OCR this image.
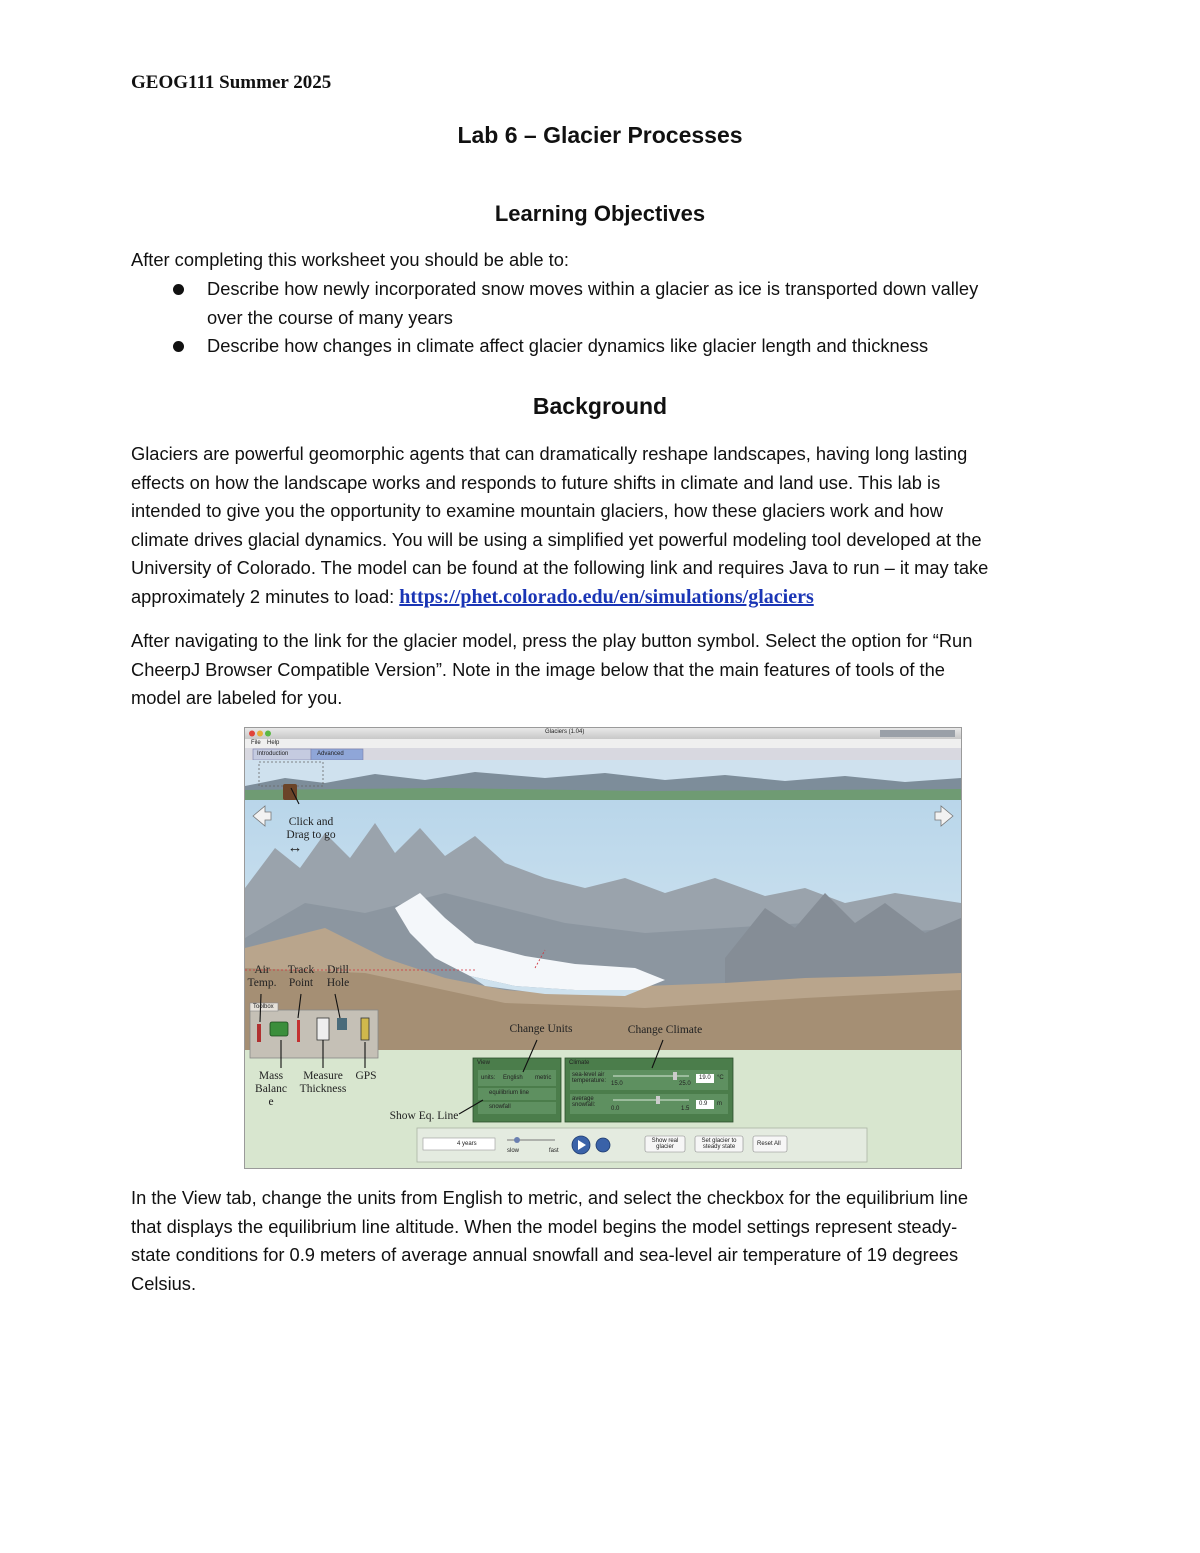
GEOG111 Summer 2025
Lab 6 – Glacier Processes
Learning Objectives
After completing this worksheet you should be able to:
Describe how newly incorporated snow moves within a glacier as ice is transported down valley
over the course of many years
Describe how changes in climate affect glacier dynamics like glacier length and thickness
Background
Glaciers are powerful geomorphic agents that can dramatically reshape landscapes, having long lasting
effects on how the landscape works and responds to future shifts in climate and land use. This lab is
intended to give you the opportunity to examine mountain glaciers, how these glaciers work and how
climate drives glacial dynamics. You will be using a simplified yet powerful modeling tool developed at the
University of Colorado. The model can be found at the following link and requires Java to run – it may take
approximately 2 minutes to load: https://phet.colorado.edu/en/simulations/glaciers
After navigating to the link for the glacier model, press the play button symbol. Select the option for “Run
CheerpJ Browser Compatible Version”. Note in the image below that the main features of tools of the
model are labeled for you.
Click and Drag to go
↔
Air Temp.
Track Point
Drill Hole
Mass Balanc e
Measure Thickness
GPS
Change Units	Change Climate
Show Eq. Line
Glaciers (1.04)
File Help
Introduction	Advanced
Toolbox
View
units: English metric
equilibrium line
snowfall
Climate
sea-level air temperature: 15.0	25.0
19.0 °C
average snowfall:
0.0	1.5
0.9 m
4 years
slow	fast
Show real glacier
Set glacier to steady state	Reset All
In the View tab, change the units from English to metric, and select the checkbox for the equilibrium line
that displays the equilibrium line altitude. When the model begins the model settings represent steady-
state conditions for 0.9 meters of average annual snowfall and sea-level air temperature of 19 degrees
Celsius.
